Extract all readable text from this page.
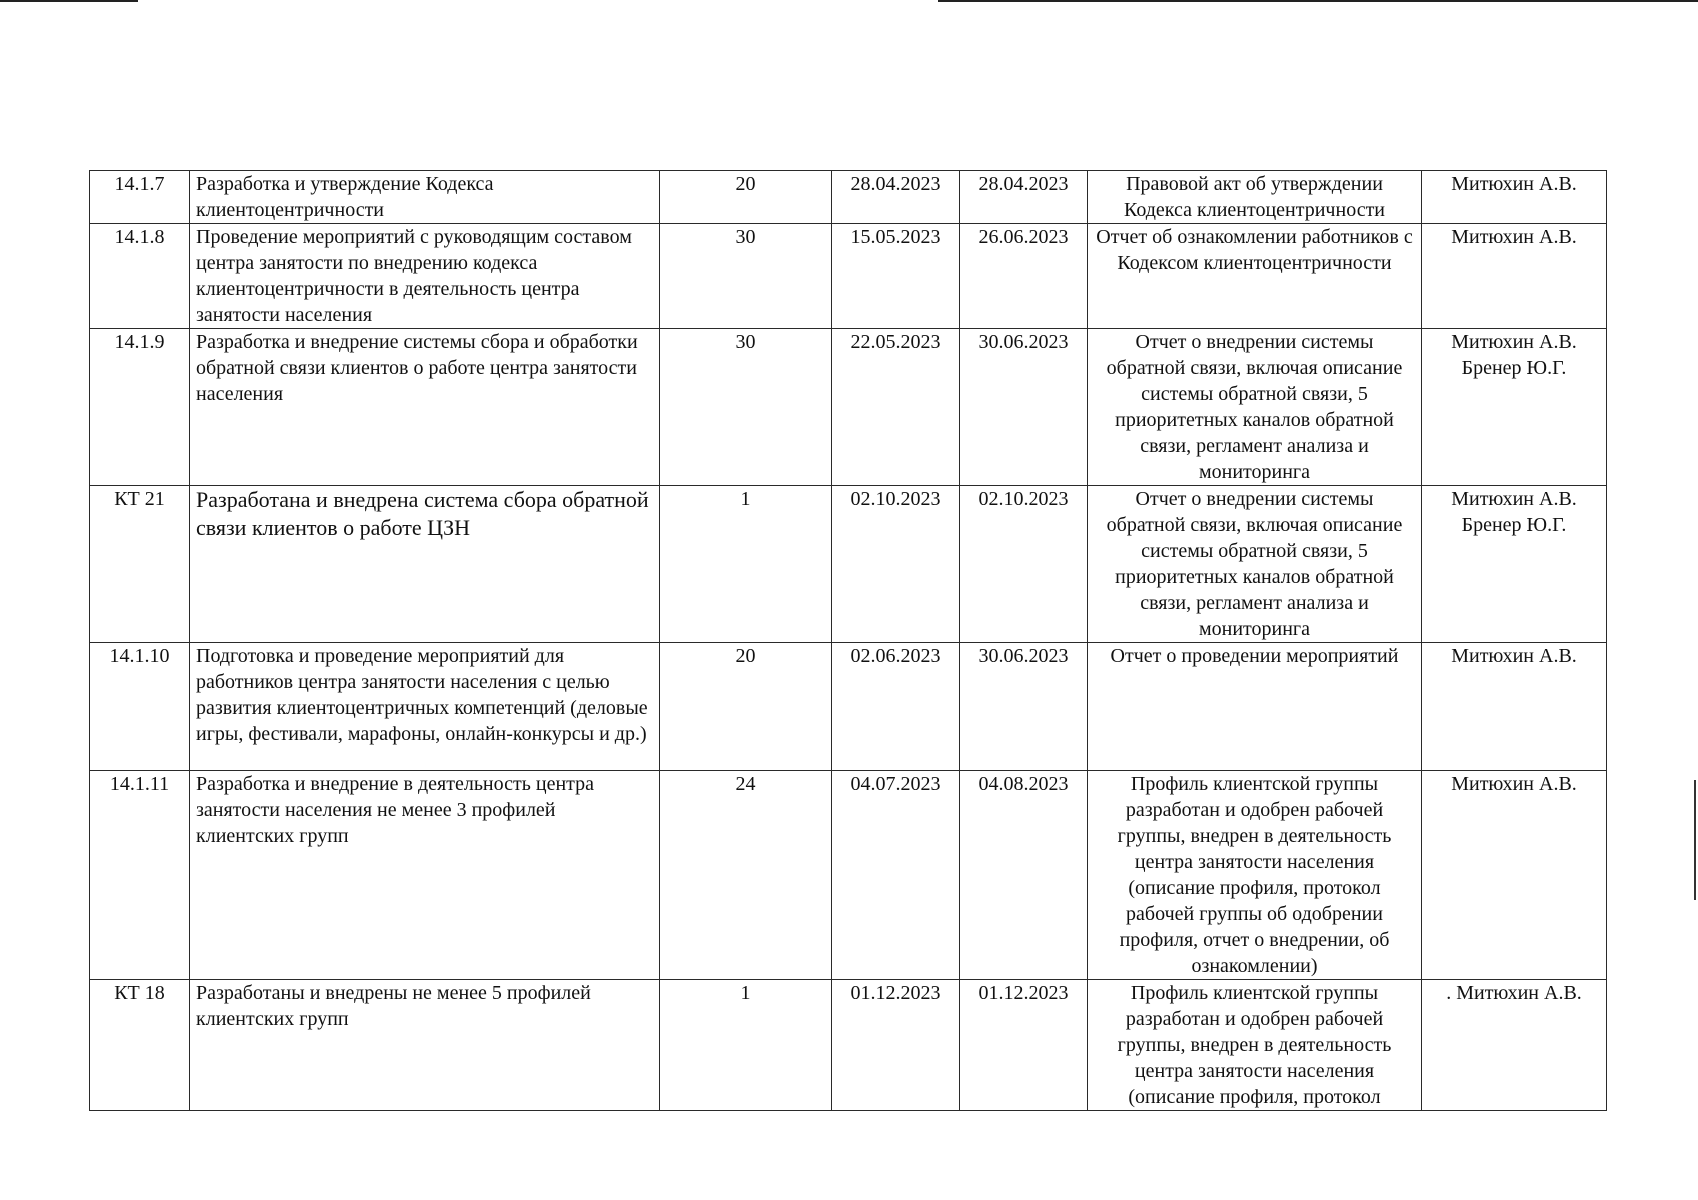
14.1.7	Разработка и утверждение Кодекса клиентоцентричности	20	28.04.2023	28.04.2023	Правовой акт об утверждении Кодекса клиентоцентричности	Митюхин А.В.

14.1.8	Проведение мероприятий с руководящим составом центра занятости по внедрению кодекса клиентоцентричности в деятельность центра занятости населения	30	15.05.2023	26.06.2023	Отчет об ознакомлении работников с Кодексом клиентоцентричности	Митюхин А.В.

14.1.9	Разработка и внедрение системы сбора и обработки обратной связи клиентов о работе центра занятости населения	30	22.05.2023	30.06.2023	Отчет о внедрении системы обратной связи, включая описание системы обратной связи, 5 приоритетных каналов обратной связи, регламент анализа и мониторинга	Митюхин А.В.
Бренер Ю.Г.

КТ 21	Разработана и внедрена система сбора обратной связи клиентов о работе ЦЗН	1	02.10.2023	02.10.2023	Отчет о внедрении системы обратной связи, включая описание системы обратной связи, 5 приоритетных каналов обратной связи, регламент анализа и мониторинга	Митюхин А.В.
Бренер Ю.Г.

14.1.10	Подготовка и проведение мероприятий для работников центра занятости населения с целью развития клиентоцентричных компетенций (деловые игры, фестивали, марафоны, онлайн-конкурсы и др.)	20	02.06.2023	30.06.2023	Отчет о проведении мероприятий	Митюхин А.В.

14.1.11	Разработка и внедрение в деятельность центра занятости населения не менее 3 профилей клиентских групп	24	04.07.2023	04.08.2023	Профиль клиентской группы разработан и одобрен рабочей группы, внедрен в деятельность центра занятости населения (описание профиля, протокол рабочей группы об одобрении профиля, отчет о внедрении, об ознакомлении)	Митюхин А.В.

КТ 18	Разработаны и внедрены не менее 5 профилей клиентских групп	1	01.12.2023	01.12.2023	Профиль клиентской группы разработан и одобрен рабочей группы, внедрен в деятельность центра занятости населения (описание профиля, протокол	. Митюхин А.В.
